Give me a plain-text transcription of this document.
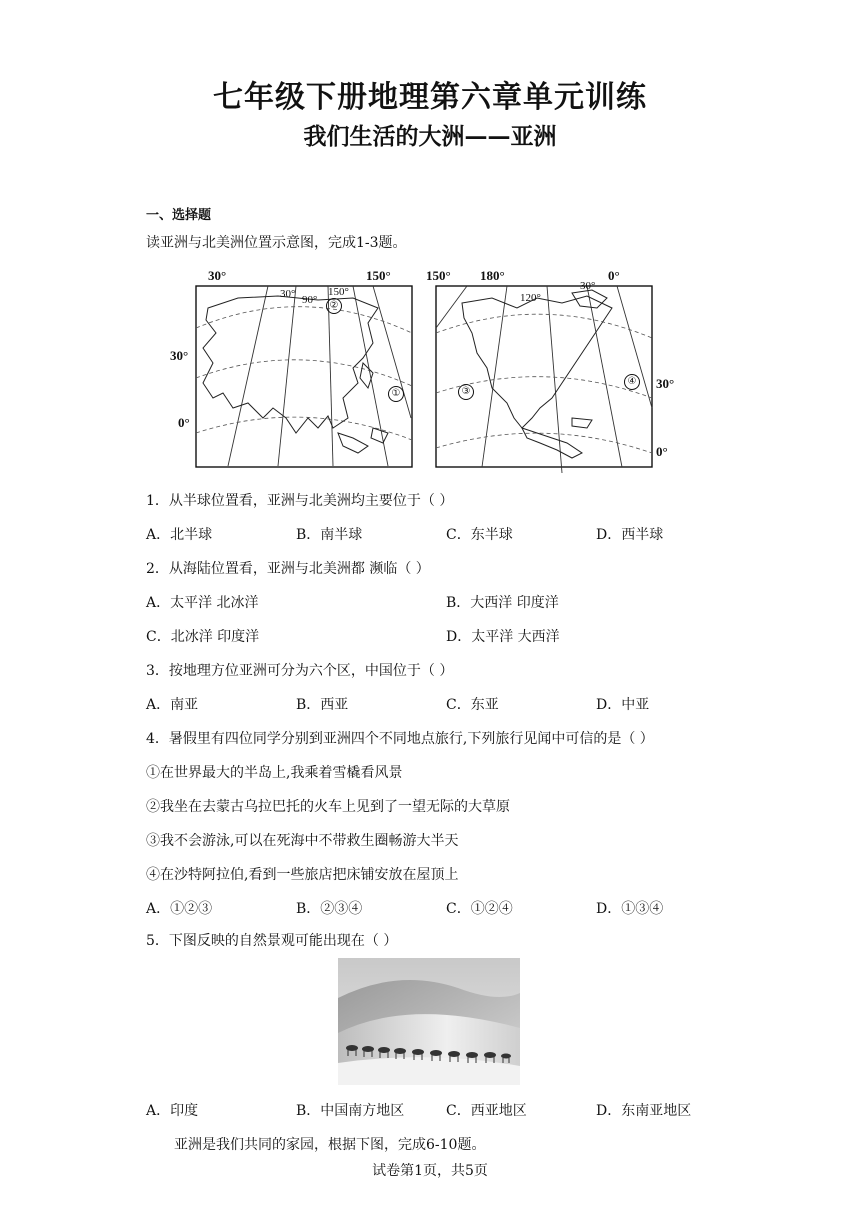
七年级下册地理第六章单元训练
我们生活的大洲——亚洲
一、选择题
读亚洲与北美洲位置示意图，完成1-3题。
30°	150°
30° 90°
150°
30°
0°
②
①
150° 180°	0°
120°
30°
30°
0°
③
④
1．从半球位置看，亚洲与北美洲均主要位于（ ）
A．北半球	B．南半球	C．东半球	D．西半球
2．从海陆位置看，亚洲与北美洲都 濒临（ ）
A．太平洋 北冰洋	B．大西洋 印度洋
C．北冰洋 印度洋	D．太平洋 大西洋
3．按地理方位亚洲可分为六个区，中国位于（ ）
A．南亚	B．西亚	C．东亚	D．中亚
4．暑假里有四位同学分别到亚洲四个不同地点旅行,下列旅行见闻中可信的是（ ）
①在世界最大的半岛上,我乘着雪橇看风景
②我坐在去蒙古乌拉巴托的火车上见到了一望无际的大草原
③我不会游泳,可以在死海中不带救生圈畅游大半天
④在沙特阿拉伯,看到一些旅店把床铺安放在屋顶上
A．①②③	B．②③④	C．①②④	D．①③④
5．下图反映的自然景观可能出现在（ ）
A．印度	B．中国南方地区	C．西亚地区	D．东南亚地区
亚洲是我们共同的家园，根据下图，完成6-10题。
试卷第1页，共5页
